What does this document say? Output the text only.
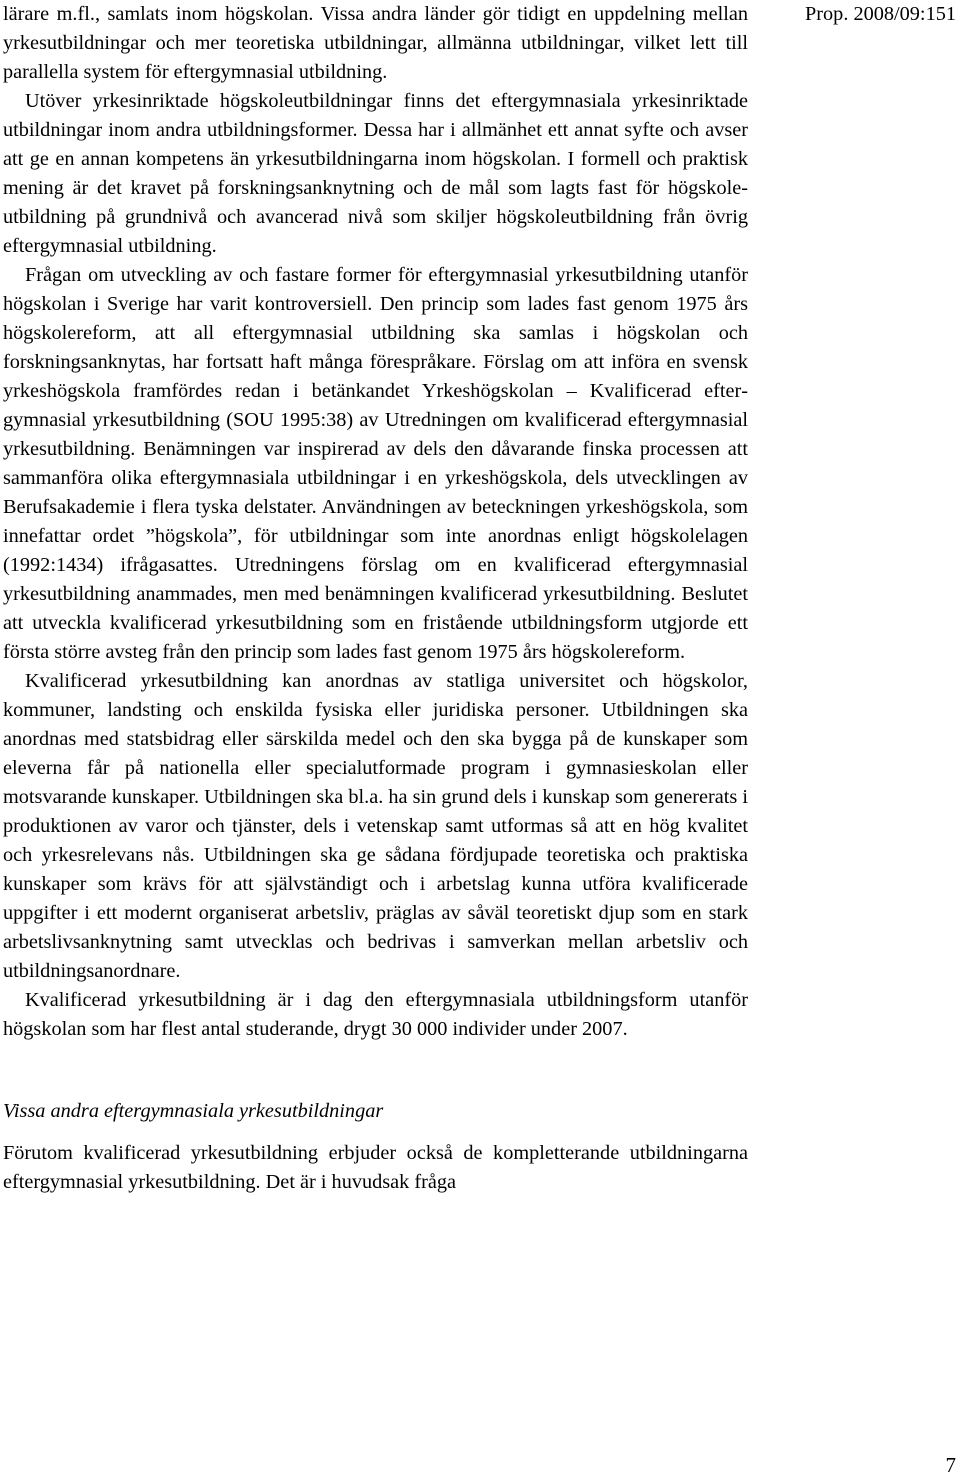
Prop. 2008/09:151

lärare m.fl., samlats inom högskolan. Vissa andra länder gör tidigt en uppdelning mellan yrkesutbildningar och mer teoretiska utbildningar, allmänna utbildningar, vilket lett till parallella system för eftergymnasial utbildning.

Utöver yrkesinriktade högskoleutbildningar finns det eftergymnasiala yrkesinriktade utbildningar inom andra utbildningsformer. Dessa har i allmänhet ett annat syfte och avser att ge en annan kompetens än yrkesutbildningarna inom högskolan. I formell och praktisk mening är det kravet på forskningsanknytning och de mål som lagts fast för högskoleutbildning på grundnivå och avancerad nivå som skiljer högskoleutbildning från övrig eftergymnasial utbildning.

Frågan om utveckling av och fastare former för eftergymnasial yrkesutbildning utanför högskolan i Sverige har varit kontroversiell. Den princip som lades fast genom 1975 års högskolereform, att all eftergymnasial utbildning ska samlas i högskolan och forskningsanknytas, har fortsatt haft många förespråkare. Förslag om att införa en svensk yrkeshögskola framfördes redan i betänkandet Yrkeshögskolan – Kvalificerad eftergymnasial yrkesutbildning (SOU 1995:38) av Utredningen om kvalificerad eftergymnasial yrkesutbildning. Benämningen var inspirerad av dels den dåvarande finska processen att sammanföra olika eftergymnasiala utbildningar i en yrkeshögskola, dels utvecklingen av Berufsakademie i flera tyska delstater. Användningen av beteckningen yrkeshögskola, som innefattar ordet ”högskola”, för utbildningar som inte anordnas enligt högskolelagen (1992:1434) ifrågasattes. Utredningens förslag om en kvalificerad eftergymnasial yrkesutbildning anammades, men med benämningen kvalificerad yrkesutbildning. Beslutet att utveckla kvalificerad yrkesutbildning som en fristående utbildningsform utgjorde ett första större avsteg från den princip som lades fast genom 1975 års högskolereform.

Kvalificerad yrkesutbildning kan anordnas av statliga universitet och högskolor, kommuner, landsting och enskilda fysiska eller juridiska personer. Utbildningen ska anordnas med statsbidrag eller särskilda medel och den ska bygga på de kunskaper som eleverna får på nationella eller specialutformade program i gymnasieskolan eller motsvarande kunskaper. Utbildningen ska bl.a. ha sin grund dels i kunskap som genererats i produktionen av varor och tjänster, dels i vetenskap samt utformas så att en hög kvalitet och yrkesrelevans nås. Utbildningen ska ge sådana fördjupade teoretiska och praktiska kunskaper som krävs för att självständigt och i arbetslag kunna utföra kvalificerade uppgifter i ett modernt organiserat arbetsliv, präglas av såväl teoretiskt djup som en stark arbetslivsanknytning samt utvecklas och bedrivas i samverkan mellan arbetsliv och utbildningsanordnare.

Kvalificerad yrkesutbildning är i dag den eftergymnasiala utbildningsform utanför högskolan som har flest antal studerande, drygt 30 000 individer under 2007.

Vissa andra eftergymnasiala yrkesutbildningar

Förutom kvalificerad yrkesutbildning erbjuder också de kompletterande utbildningarna eftergymnasial yrkesutbildning. Det är i huvudsak fråga

7
